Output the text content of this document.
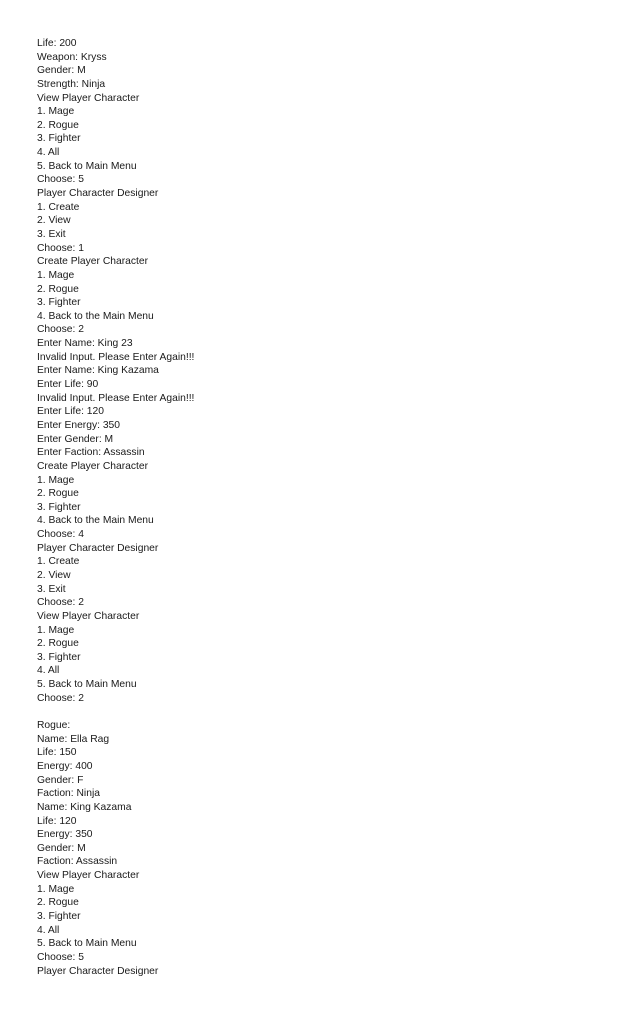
Life: 200
Weapon: Kryss
Gender: M
Strength: Ninja
View Player Character
1. Mage
2. Rogue
3. Fighter
4. All
5. Back to Main Menu
Choose: 5
Player Character Designer
1. Create
2. View
3. Exit
Choose: 1
Create Player Character
1. Mage
2. Rogue
3. Fighter
4. Back to the Main Menu
Choose: 2
Enter Name: King 23
Invalid Input. Please Enter Again!!!
Enter Name: King Kazama
Enter Life: 90
Invalid Input. Please Enter Again!!!
Enter Life: 120
Enter Energy: 350
Enter Gender: M
Enter Faction: Assassin
Create Player Character
1. Mage
2. Rogue
3. Fighter
4. Back to the Main Menu
Choose: 4
Player Character Designer
1. Create
2. View
3. Exit
Choose: 2
View Player Character
1. Mage
2. Rogue
3. Fighter
4. All
5. Back to Main Menu
Choose: 2
Rogue:
Name: Ella Rag
Life: 150
Energy: 400
Gender: F
Faction: Ninja
Name: King Kazama
Life: 120
Energy: 350
Gender: M
Faction: Assassin
View Player Character
1. Mage
2. Rogue
3. Fighter
4. All
5. Back to Main Menu
Choose: 5
Player Character Designer
